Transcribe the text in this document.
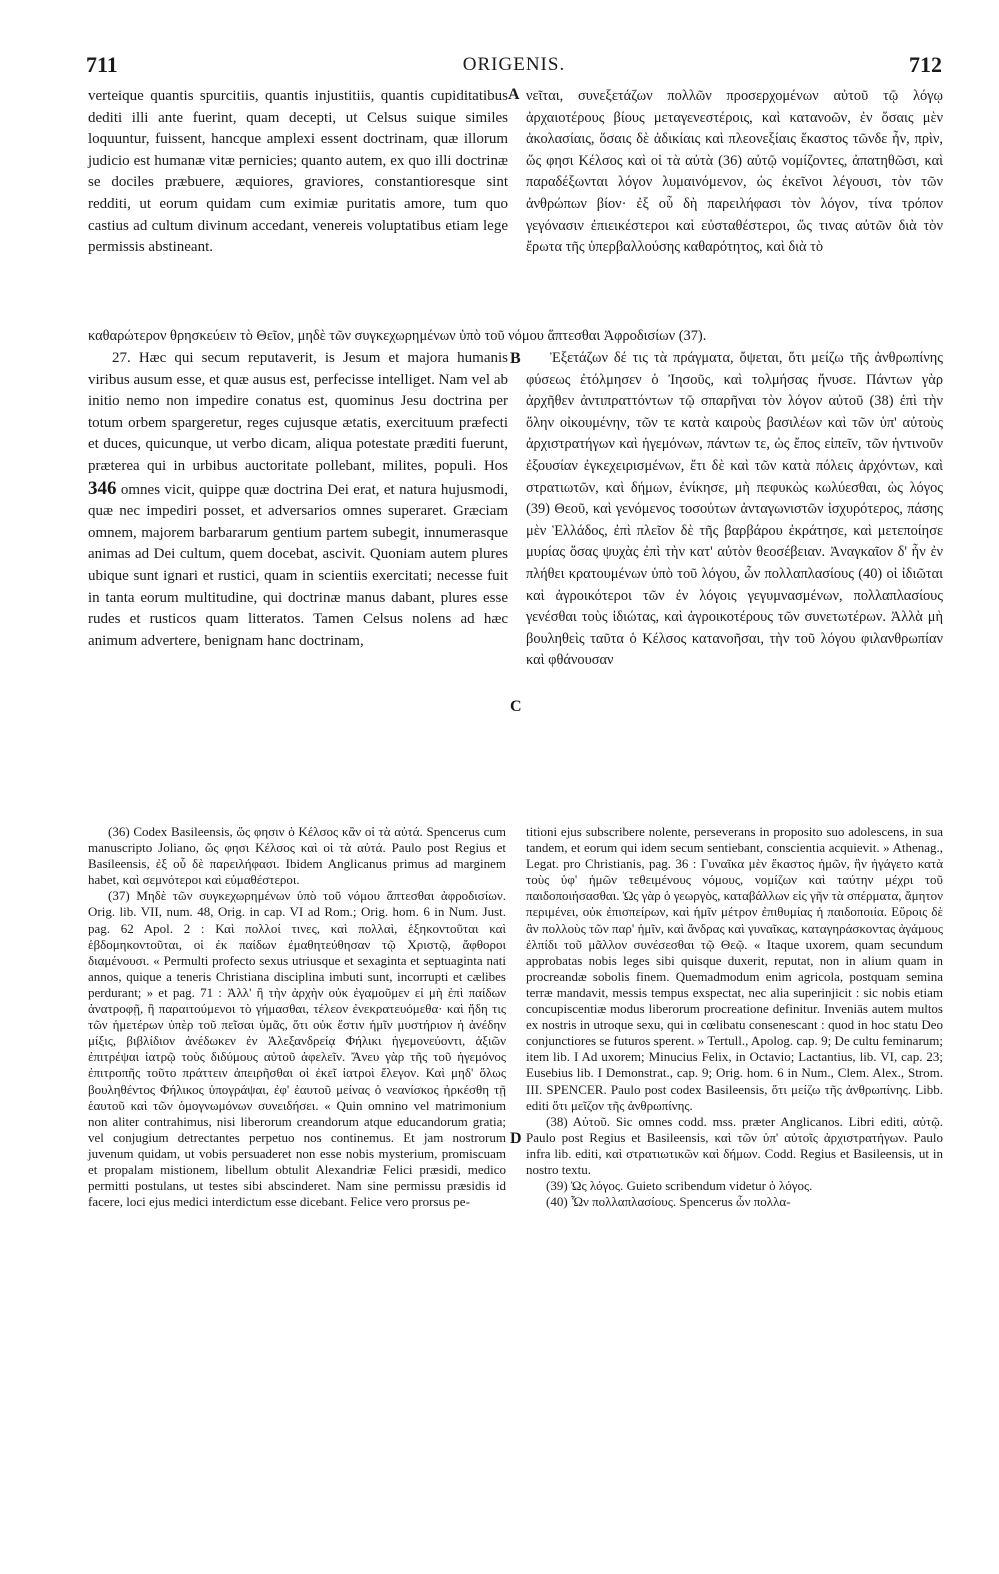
711	ORIGENIS.	712

verteique quantis spurcitiis, quantis injustitiis, quantis cupiditatibus dediti illi ante fuerint, quam decepti, ut Celsus suique similes loquuntur, fuissent, hancque amplexi essent doctrinam, quæ illorum judicio est humanæ vitæ pernicies; quanto autem, ex quo illi doctrinæ se dociles præbuere, æquiores, graviores, constantioresque sint redditi, ut eorum quidam cum eximiæ puritatis amore, tum quo castius ad cultum divinum accedant, venereis voluptatibus etiam lege permissis abstineant.

A νεῖται, συνεξετάζων πολλῶν προσερχομένων αὐτοῦ τῷ λόγῳ ἀρχαιοτέρους βίους μεταγενεστέροις, καὶ κατανοῶν, ἐν ὅσαις μὲν ἀκολασίαις, ὅσαις δὲ ἀδικίαις καὶ πλεονεξίαις ἕκαστος τῶνδε ἦν, πρὶν, ὥς φησι Κέλσος καὶ οἱ τὰ αὐτὰ (36) αὐτῷ νομίζοντες, ἀπατηθῶσι, καὶ παραδέξωνται λόγον λυμαινόμενον, ὡς ἐκεῖνοι λέγουσι, τὸν τῶν ἀνθρώπων βίον· ἐξ οὗ δὴ παρειλήφασι τὸν λόγον, τίνα τρόπον γεγόνασιν ἐπιεικέστεροι καὶ εὐσταθέστεροι, ὥς τινας αὐτῶν διὰ τὸν ἔρωτα τῆς ὑπερβαλλούσης καθαρότητος, καὶ διὰ τὸ

καθαρώτερον θρησκεύειν τὸ Θεῖον, μηδὲ τῶν συγκεχωρημένων ὑπὸ τοῦ νόμου ἅπτεσθαι Ἀφροδισίων (37).

27. Hæc qui secum reputaverit, is Jesum et majora humanis viribus ausum esse, et quæ ausus est, perfecisse intelliget. Nam vel ab initio nemo non impedire conatus est, quominus Jesu doctrina per totum orbem spargeretur, reges cujusque ætatis, exercituum præfecti et duces, quicunque, ut verbo dicam, aliqua potestate præditi fuerunt, prætereа qui in urbibus auctoritate pollebant, milites, populi. Hos 346 omnes vicit, quippe quæ doctrina Dei erat, et natura hujusmodi, quæ nec impediri posset, et adversarios omnes superaret. Græciam omnem, majorem barbararum gentium partem subegit, innumerasque animas ad Dei cultum, quem docebat, ascivit. Quoniam autem plures ubique sunt ignari et rustici, quam in scientiis exercitati; necesse fuit in tanta eorum multitudine, qui doctrinæ manus dabant, plures esse rudes et rusticos quam litteratos. Tamen Celsus nolens ad hæc animum advertere, benignam hanc doctrinam,

B
C

Ἐξετάζων δέ τις τὰ πράγματα, ὄψεται, ὅτι μείζω τῆς ἀνθρωπίνης φύσεως ἐτόλμησεν ὁ Ἰησοῦς, καὶ τολμήσας ἤνυσε. Πάντων γὰρ ἀρχῆθεν ἀντιπραττόντων τῷ σπαρῆναι τὸν λόγον αὐτοῦ (38) ἐπὶ τὴν ὅλην οἰκουμένην, τῶν τε κατὰ καιροὺς βασιλέων καὶ τῶν ὑπ' αὐτοὺς ἀρχιστρατήγων καὶ ἡγεμόνων, πάντων τε, ὡς ἔπος εἰπεῖν, τῶν ἡντινοῦν ἐξουσίαν ἐγκεχειρισμένων, ἔτι δὲ καὶ τῶν κατὰ πόλεις ἀρχόντων, καὶ στρατιωτῶν, καὶ δήμων, ἐνίκησε, μὴ πεφυκὼς κωλύεσθαι, ὡς λόγος (39) Θεοῦ, καὶ γενόμενος τοσούτων ἀνταγωνιστῶν ἰσχυρότερος, πάσης μὲν Ἑλλάδος, ἐπὶ πλεῖον δὲ τῆς βαρβάρου ἐκράτησε, καὶ μετεποίησε μυρίας ὅσας ψυχὰς ἐπὶ τὴν κατ' αὐτὸν θεοσέβειαν. Ἀναγκαῖον δ' ἦν ἐν πλήθει κρατουμένων ὑπὸ τοῦ λόγου, ὧν πολλαπλασίους (40) οἱ ἰδιῶται καὶ ἀγροικότεροι τῶν ἐν λόγοις γεγυμνασμένων, πολλαπλασίους γενέσθαι τοὺς ἰδιώτας, καὶ ἀγροικοτέρους τῶν συνετωτέρων. Ἀλλὰ μὴ βουληθεὶς ταῦτα ὁ Κέλσος κατανοῆσαι, τὴν τοῦ λόγου φιλανθρωπίαν καὶ φθάνουσαν

(36) Codex Basileensis, ὥς φησιν ὁ Κέλσος κἂν οἱ τὰ αὐτά. Spencerus cum manuscripto Joliano, ὥς φησι Κέλσος καὶ οἱ τὰ αὐτά. Paulo post Regius et Basileensis, ἐξ οὗ δὲ παρειλήφασι. Ibidem Anglicanus primus ad marginem habet, καὶ σεμνότεροι καὶ εὐμαθέστεροι.

(37) Μηδὲ τῶν συγκεχωρημένων ὑπὸ τοῦ νόμου ἅπτεσθαι ἀφροδισίων. Orig. lib. VII, num. 48, Orig. in cap. VI ad Rom.; Orig. hom. 6 in Num. Just. pag. 62 Apol. 2 : Καὶ πολλοί τινες, καὶ πολλαὶ, ἑξηκοντοῦται καὶ ἑβδομηκοντοῦται, οἱ ἐκ παίδων ἐμαθητεύθησαν τῷ Χριστῷ, ἄφθοροι διαμένουσι. « Permulti profecto sexus utriusque et sexaginta et septuaginta nati annos, quique a teneris Christiana disciplina imbuti sunt, incorrupti et cælibes perdurant; » et pag. 71 : Ἀλλ' ἢ τὴν ἀρχὴν οὐκ ἐγαμοῦμεν εἰ μὴ ἐπὶ παίδων ἀνατροφῇ, ἢ παραιτούμενοι τὸ γήμασθαι, τέλεον ἐνεκρατευόμεθα· καὶ ἤδη τις τῶν ἡμετέρων ὑπὲρ τοῦ πεῖσαι ὑμᾶς, ὅτι οὐκ ἔστιν ἡμῖν μυστήριον ἡ ἀνέδην μίξις, βιβλίδιον ἀνέδωκεν ἐν Ἀλεξανδρείᾳ Φήλικι ἡγεμονεύοντι, ἀξιῶν ἐπιτρέψαι ἰατρῷ τοὺς διδύμους αὐτοῦ ἀφελεῖν. Ἄνευ γὰρ τῆς τοῦ ἡγεμόνος ἐπιτροπῆς τοῦτο πράττειν ἀπειρῆσθαι οἱ ἐκεῖ ἰατροὶ ἔλεγον. Καὶ μηδ' ὅλως βουληθέντος Φήλικος ὑπογράψαι, ἐφ' ἑαυτοῦ μείνας ὁ νεανίσκος ἠρκέσθη τῇ ἑαυτοῦ καὶ τῶν ὁμογνωμόνων συνειδήσει. « Quin omnino vel matrimonium non aliter contrahimus, nisi liberorum creandorum atque educandorum gratia; vel conjugium detrectantes perpetuo nos continemus. Et jam nostrorum juvenum quidam, ut vobis persuaderet non esse nobis mysterium, promiscuam et propalam mistionem, libellum obtulit Alexandriæ Felici præsidi, medico permitti postulans, ut testes sibi abscinderet. Nam sine permissu præsidis id facere, loci ejus medici interdictum esse dicebant. Felice vero prorsus pe-

D

titioni ejus subscribere nolente, perseverans in proposito suo adolescens, in sua tandem, et eorum qui idem secum sentiebant, conscientia acquievit. » Athenag., Legat. pro Christianis, pag. 36 : Γυναῖκα μὲν ἕκαστος ἡμῶν, ἣν ἠγάγετο κατὰ τοὺς ὑφ' ἡμῶν τεθειμένους νόμους, νομίζων καὶ ταύτην μέχρι τοῦ παιδοποιήσασθαι. Ὡς γὰρ ὁ γεωργὸς, καταβάλλων εἰς γῆν τὰ σπέρματα, ἄμητον περιμένει, οὐκ ἐπισπείρων, καὶ ἡμῖν μέτρον ἐπιθυμίας ἡ παιδοποιία. Εὕροις δὲ ἂν πολλοὺς τῶν παρ' ἡμῖν, καὶ ἄνδρας καὶ γυναῖκας, καταγηράσκοντας ἀγάμους ἐλπίδι τοῦ μᾶλλον συνέσεσθαι τῷ Θεῷ. « Itaque uxorem, quam secundum approbatas nobis leges sibi quisque duxerit, reputat, non in alium quam in procreandæ sobolis finem. Quemadmodum enim agricola, postquam semina terræ mandavit, messis tempus exspectat, nec alia superinjicit : sic nobis etiam concupiscentiæ modus liberorum procreatione definitur. Inveniās autem multos ex nostris in utroque sexu, qui in cœlibatu consenescant : quod in hoc statu Deo conjunctiores se futuros sperent. » Tertull., Apolog. cap. 9; De cultu feminarum; item lib. I Ad uxorem; Minucius Felix, in Octavio; Lactantius, lib. VI, cap. 23; Eusebius lib. I Demonstrat., cap. 9; Orig. hom. 6 in Num., Clem. Alex., Strom. III. SPENCER. Paulo post codex Basileensis, ὅτι μείζω τῆς ἀνθρωπίνης. Libb. editi ὅτι μεῖζον τῆς ἀνθρωπίνης.

(38) Αὐτοῦ. Sic omnes codd. mss. præter Anglicanos. Libri editi, αὐτῷ. Paulo post Regius et Basileensis, καὶ τῶν ὑπ' αὐτοῖς ἀρχιστρατήγων. Paulo infra lib. editi, καὶ στρατιωτικῶν καὶ δήμων. Codd. Regius et Basileensis, ut in nostro textu.

(39) Ὡς λόγος. Guieto scribendum videtur ὁ λόγος.

(40) Ὧν πολλαπλασίους. Spencerus ὧν πολλα-
